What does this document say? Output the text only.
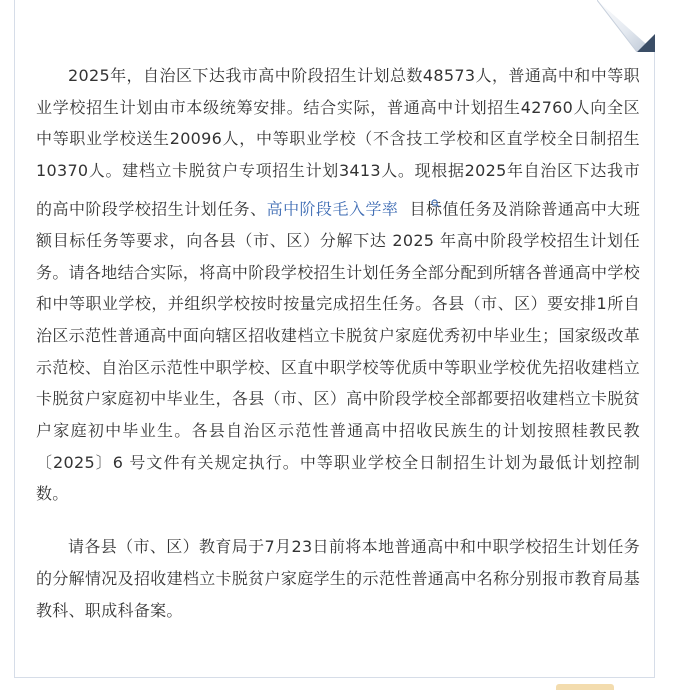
2025年，自治区下达我市高中阶段招生计划总数48573人，普通高中和中等职业学校招生计划由市本级统筹安排。结合实际，普通高中计划招生42760人向全区中等职业学校送生20096人，中等职业学校（不含技工学校和区直学校全日制招生10370人。建档立卡脱贫户专项招生计划3413人。现根据2025年自治区下达我市的高中阶段学校招生计划任务、高中阶段毛入学率 目标值任务及消除普通高中大班额目标任务等要求，向各县（市、区）分解下达 2025 年高中阶段学校招生计划任务。请各地结合实际，将高中阶段学校招生计划任务全部分配到所辖各普通高中学校和中等职业学校，并组织学校按时按量完成招生任务。各县（市、区）要安排1所自治区示范性普通高中面向辖区招收建档立卡脱贫户家庭优秀初中毕业生；国家级改革示范校、自治区示范性中职学校、区直中职学校等优质中等职业学校优先招收建档立卡脱贫户家庭初中毕业生，各县（市、区）高中阶段学校全部都要招收建档立卡脱贫户家庭初中毕业生。各县自治区示范性普通高中招收民族生的计划按照桂教民教〔2025〕6 号文件有关规定执行。中等职业学校全日制招生计划为最低计划控制数。

请各县（市、区）教育局于7月23日前将本地普通高中和中职学校招生计划任务的分解情况及招收建档立卡脱贫户家庭学生的示范性普通高中名称分别报市教育局基教科、职成科备案。
